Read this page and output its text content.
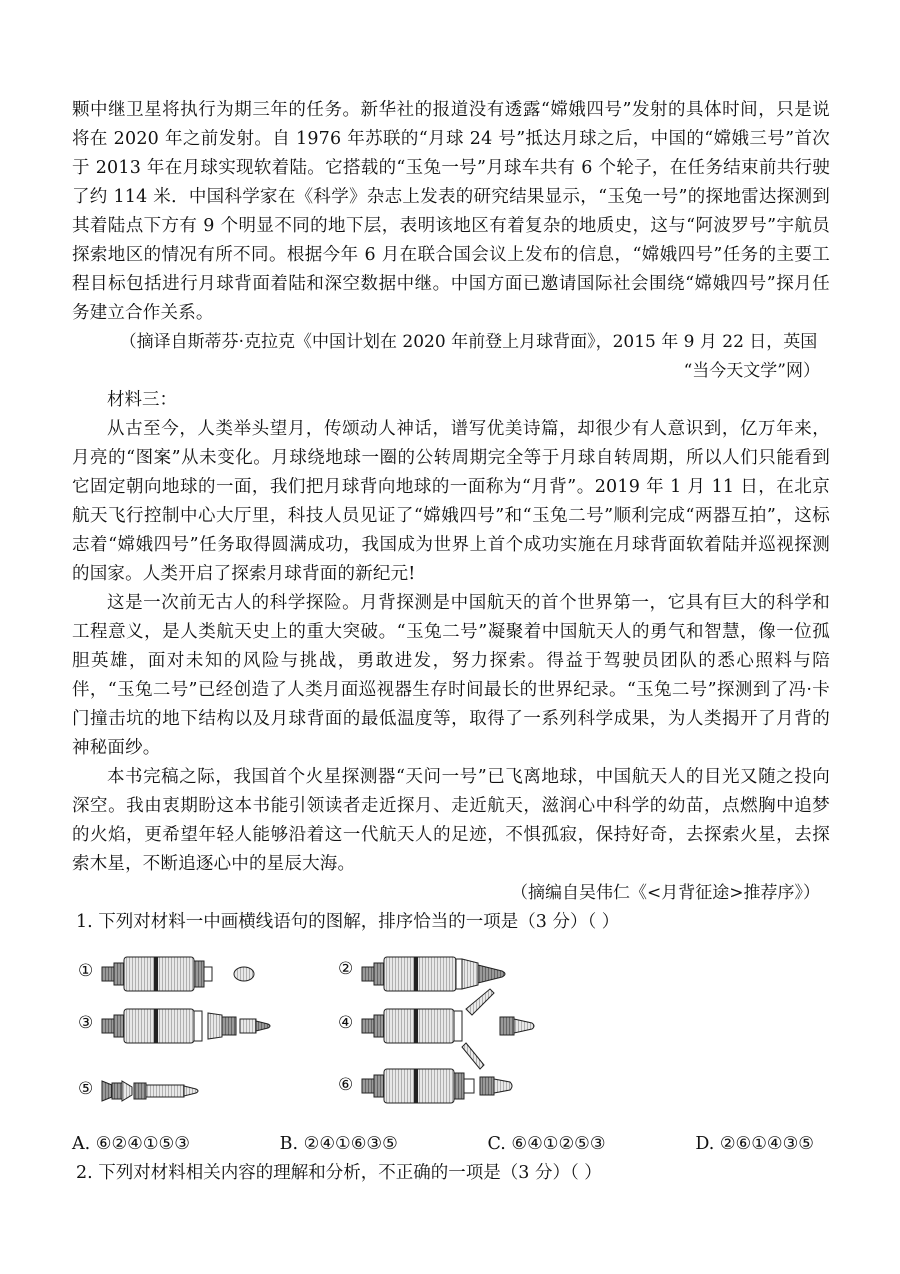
颗中继卫星将执行为期三年的任务。新华社的报道没有透露“嫦娥四号”发射的具体时间，只是说将在 2020 年之前发射。自 1976 年苏联的“月球 24 号”抵达月球之后，中国的“嫦娥三号”首次于 2013 年在月球实现软着陆。它搭载的“玉兔一号”月球车共有 6 个轮子，在任务结束前共行驶了约 114 米．中国科学家在《科学》杂志上发表的研究结果显示，“玉兔一号”的探地雷达探测到其着陆点下方有 9 个明显不同的地下层，表明该地区有着复杂的地质史，这与“阿波罗号”宇航员探索地区的情况有所不同。根据今年 6 月在联合国会议上发布的信息，“嫦娥四号”任务的主要工程目标包括进行月球背面着陆和深空数据中继。中国方面已邀请国际社会围绕“嫦娥四号”探月任务建立合作关系。

（摘译自斯蒂芬·克拉克《中国计划在 2020 年前登上月球背面》，2015 年 9 月 22 日，英国

“当今天文学”网）

材料三：

从古至今，人类举头望月，传颂动人神话，谱写优美诗篇，却很少有人意识到，亿万年来，月亮的“图案”从未变化。月球绕地球一圈的公转周期完全等于月球自转周期，所以人们只能看到它固定朝向地球的一面，我们把月球背向地球的一面称为“月背”。2019 年 1 月 11 日，在北京航天飞行控制中心大厅里，科技人员见证了“嫦娥四号”和“玉兔二号”顺利完成“两器互拍”，这标志着“嫦娥四号”任务取得圆满成功，我国成为世界上首个成功实施在月球背面软着陆并巡视探测的国家。人类开启了探索月球背面的新纪元!

这是一次前无古人的科学探险。月背探测是中国航天的首个世界第一，它具有巨大的科学和工程意义，是人类航天史上的重大突破。“玉兔二号”凝聚着中国航天人的勇气和智慧，像一位孤胆英雄，面对未知的风险与挑战，勇敢进发，努力探索。得益于驾驶员团队的悉心照料与陪伴，“玉兔二号”已经创造了人类月面巡视器生存时间最长的世界纪录。“玉兔二号”探测到了冯·卡门撞击坑的地下结构以及月球背面的最低温度等，取得了一系列科学成果，为人类揭开了月背的神秘面纱。

本书完稿之际，我国首个火星探测器“天问一号”已飞离地球，中国航天人的目光又随之投向深空。我由衷期盼这本书能引领读者走近探月、走近航天，滋润心中科学的幼苗，点燃胸中追梦的火焰，更希望年轻人能够沿着这一代航天人的足迹，不惧孤寂，保持好奇，去探索火星，去探索木星，不断追逐心中的星辰大海。

（摘编自吴伟仁《<月背征途>推荐序》）

1. 下列对材料一中画横线语句的图解，排序恰当的一项是（3 分）（ ）

①	②
③	④
⑤	⑥
A. ⑥②④①⑤③	B. ②④①⑥③⑤	C. ⑥④①②⑤③	D. ②⑥①④③⑤

2. 下列对材料相关内容的理解和分析，不正确的一项是（3 分）（ ）
